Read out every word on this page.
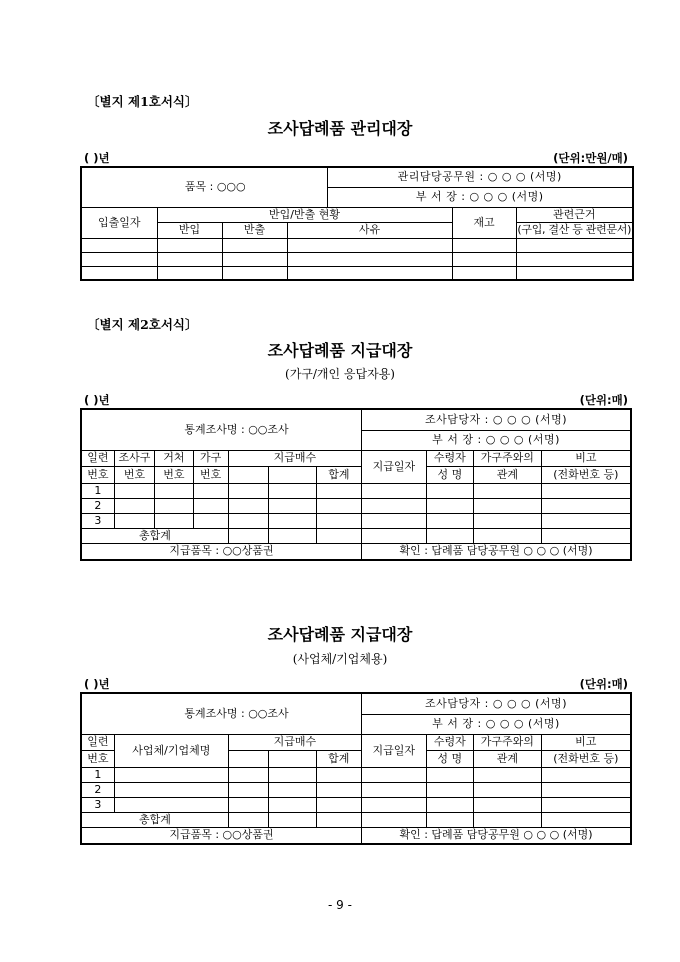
〔별지 제1호서식〕
조사답례품 관리대장
( )년	(단위:만원/매)
품목 : ○○○				관리담당공무원 : ○ ○ ○ (서명)		
				부 서 장 : ○ ○ ○ (서명)		
입출일자	반입/반출 현황				재고	관련근거
	반입	반출	사유			(구입, 결산 등 관련문서)

〔별지 제2호서식〕
조사답례품 지급대장
(가구/개인 응답자용)
( )년	(단위:매)
통계조사명 : ○○조사							조사담당자 : ○ ○ ○ (서명)			
							부 서 장 : ○ ○ ○ (서명)			
일련	조사구	거처	가구	지급매수			지급일자	수령자	가구주와의	비고
번호	번호	번호	번호			합계		성 명	관계	(전화번호 등)
1										
2										
3										
총합계										
지급품목 : ○○상품권							확인 : 답례품 담당공무원 ○ ○ ○ (서명)			
조사답례품 지급대장
(사업체/기업체용)
( )년	(단위:매)
통계조사명 : ○○조사					조사담당자 : ○ ○ ○ (서명)			
					부 서 장 : ○ ○ ○ (서명)			
일련	사업체/기업체명	지급매수			지급일자	수령자	가구주와의	비고
번호				합계		성 명	관계	(전화번호 등)
1								
2								
3								
총합계								
지급품목 : ○○상품권					확인 : 답례품 담당공무원 ○ ○ ○ (서명)			
- 9 -
